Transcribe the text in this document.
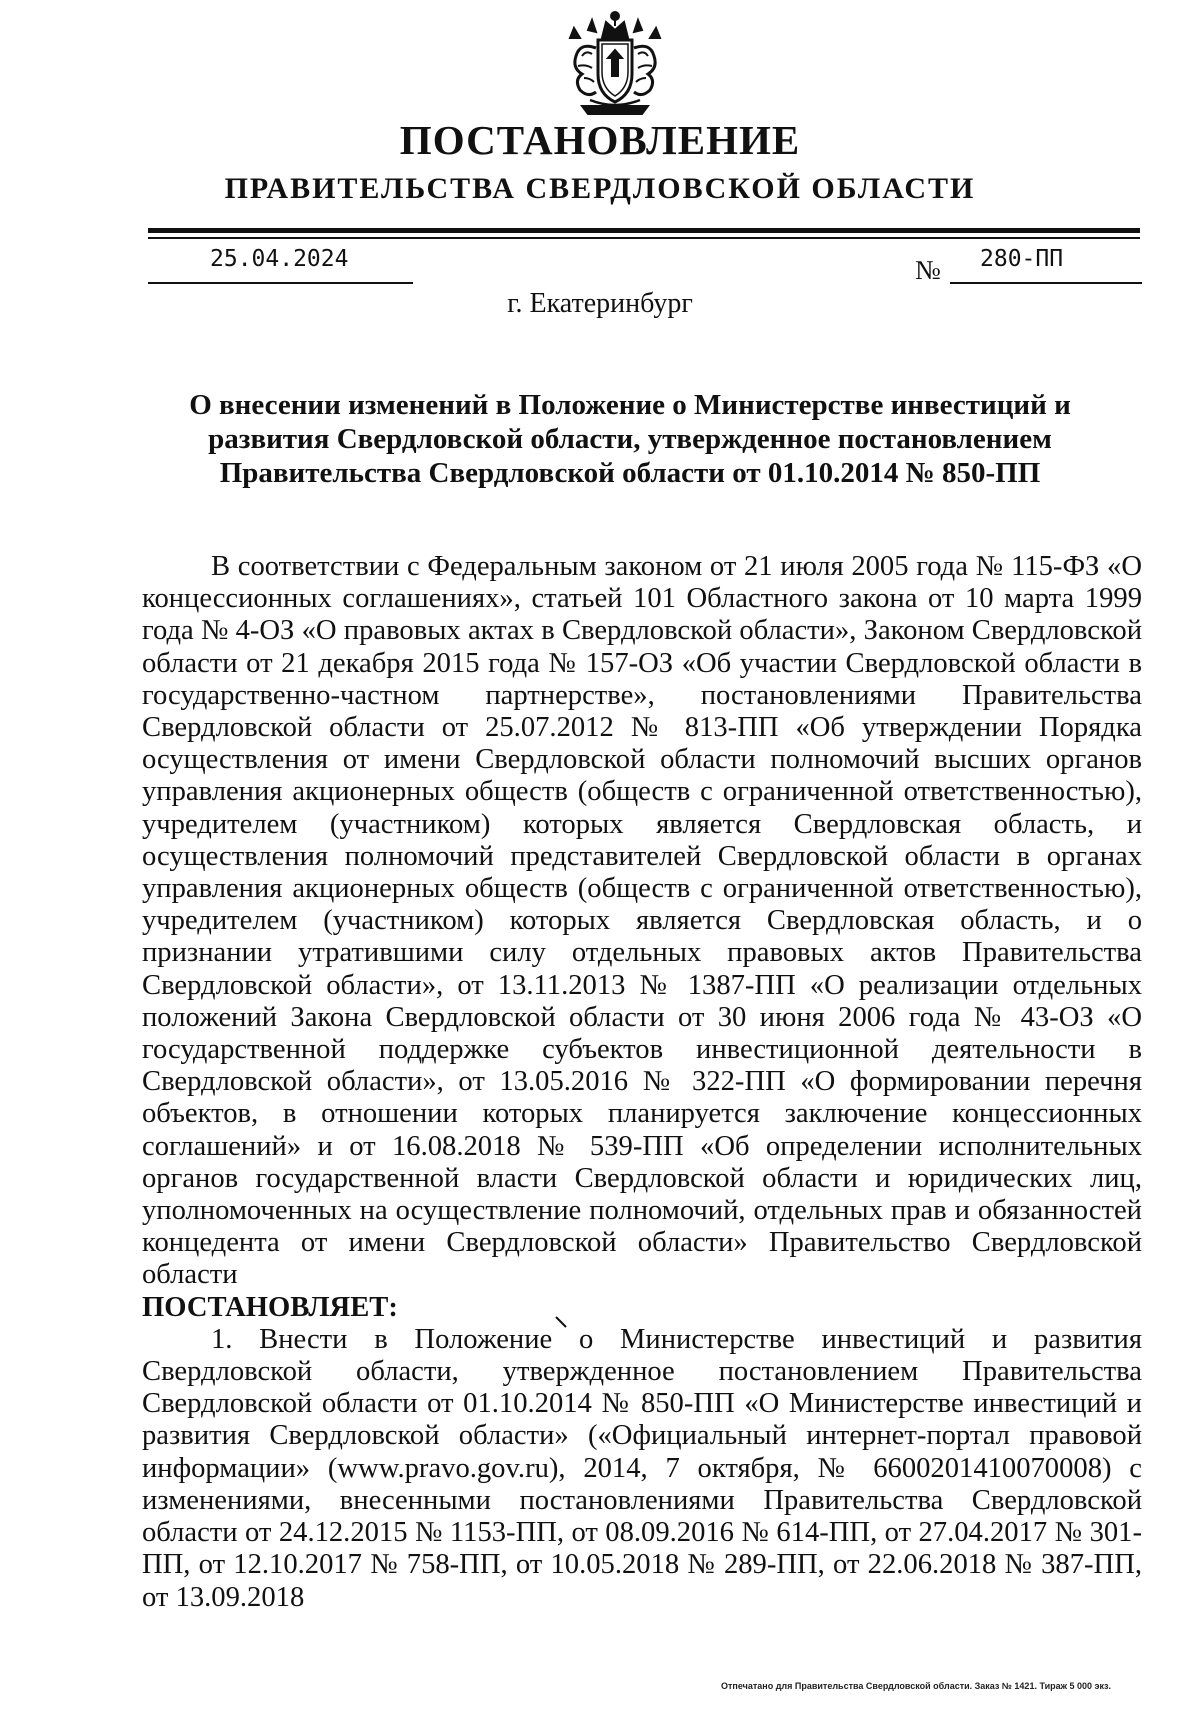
ПОСТАНОВЛЕНИЕ
ПРАВИТЕЛЬСТВА СВЕРДЛОВСКОЙ ОБЛАСТИ
25.04.2024	№ 280-ПП
г. Екатеринбург
О внесении изменений в Положение о Министерстве инвестиций и развития Свердловской области, утвержденное постановлением Правительства Свердловской области от 01.10.2014 № 850-ПП

В соответствии с Федеральным законом от 21 июля 2005 года № 115-ФЗ «О концессионных соглашениях», статьей 101 Областного закона от 10 марта 1999 года № 4-ОЗ «О правовых актах в Свердловской области», Законом Свердловской области от 21 декабря 2015 года № 157-ОЗ «Об участии Свердловской области в государственно-частном партнерстве», постановлениями Правительства Свердловской области от 25.07.2012 № 813-ПП «Об утверждении Порядка осуществления от имени Свердловской области полномочий высших органов управления акционерных обществ (обществ с ограниченной ответственностью), учредителем (участником) которых является Свердловская область, и осуществления полномочий представителей Свердловской области в органах управления акционерных обществ (обществ с ограниченной ответственностью), учредителем (участником) которых является Свердловская область, и о признании утратившими силу отдельных правовых актов Правительства Свердловской области», от 13.11.2013 № 1387-ПП «О реализации отдельных положений Закона Свердловской области от 30 июня 2006 года № 43-ОЗ «О государственной поддержке субъектов инвестиционной деятельности в Свердловской области», от 13.05.2016 № 322-ПП «О формировании перечня объектов, в отношении которых планируется заключение концессионных соглашений» и от 16.08.2018 № 539-ПП «Об определении исполнительных органов государственной власти Свердловской области и юридических лиц, уполномоченных на осуществление полномочий, отдельных прав и обязанностей концедента от имени Свердловской области» Правительство Свердловской области

ПОСТАНОВЛЯЕТ:

1. Внести в Положение о Министерстве инвестиций и развития Свердловской области, утвержденное постановлением Правительства Свердловской области от 01.10.2014 № 850-ПП «О Министерстве инвестиций и развития Свердловской области» («Официальный интернет-портал правовой информации» (www.pravo.gov.ru), 2014, 7 октября, № 6600201410070008) с изменениями, внесенными постановлениями Правительства Свердловской области от 24.12.2015 № 1153-ПП, от 08.09.2016 № 614-ПП, от 27.04.2017 № 301-ПП, от 12.10.2017 № 758-ПП, от 10.05.2018 № 289-ПП, от 22.06.2018 № 387-ПП, от 13.09.2018

Отпечатано для Правительства Свердловской области. Заказ № 1421. Тираж 5 000 экз.
